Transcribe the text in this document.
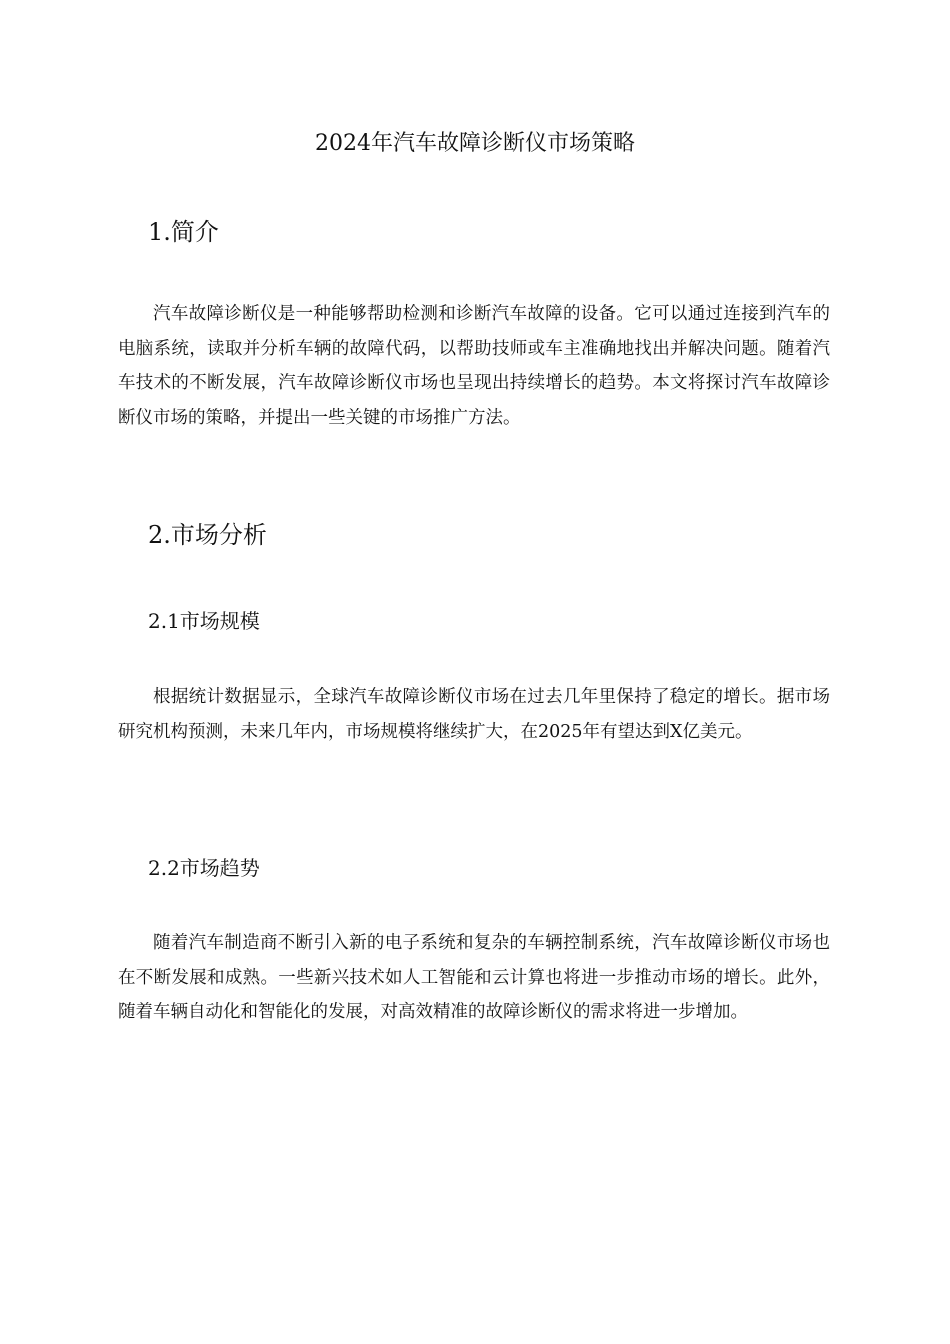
2024年汽车故障诊断仪市场策略
1.简介

汽车故障诊断仪是一种能够帮助检测和诊断汽车故障的设备。它可以通过连接到汽车的电脑系统，读取并分析车辆的故障代码，以帮助技师或车主准确地找出并解决问题。随着汽车技术的不断发展，汽车故障诊断仪市场也呈现出持续增长的趋势。本文将探讨汽车故障诊断仪市场的策略，并提出一些关键的市场推广方法。

2.市场分析
2.1市场规模

根据统计数据显示，全球汽车故障诊断仪市场在过去几年里保持了稳定的增长。据市场研究机构预测，未来几年内，市场规模将继续扩大，在2025年有望达到X亿美元。

2.2市场趋势

随着汽车制造商不断引入新的电子系统和复杂的车辆控制系统，汽车故障诊断仪市场也在不断发展和成熟。一些新兴技术如人工智能和云计算也将进一步推动市场的增长。此外，随着车辆自动化和智能化的发展，对高效精准的故障诊断仪的需求将进一步增加。
